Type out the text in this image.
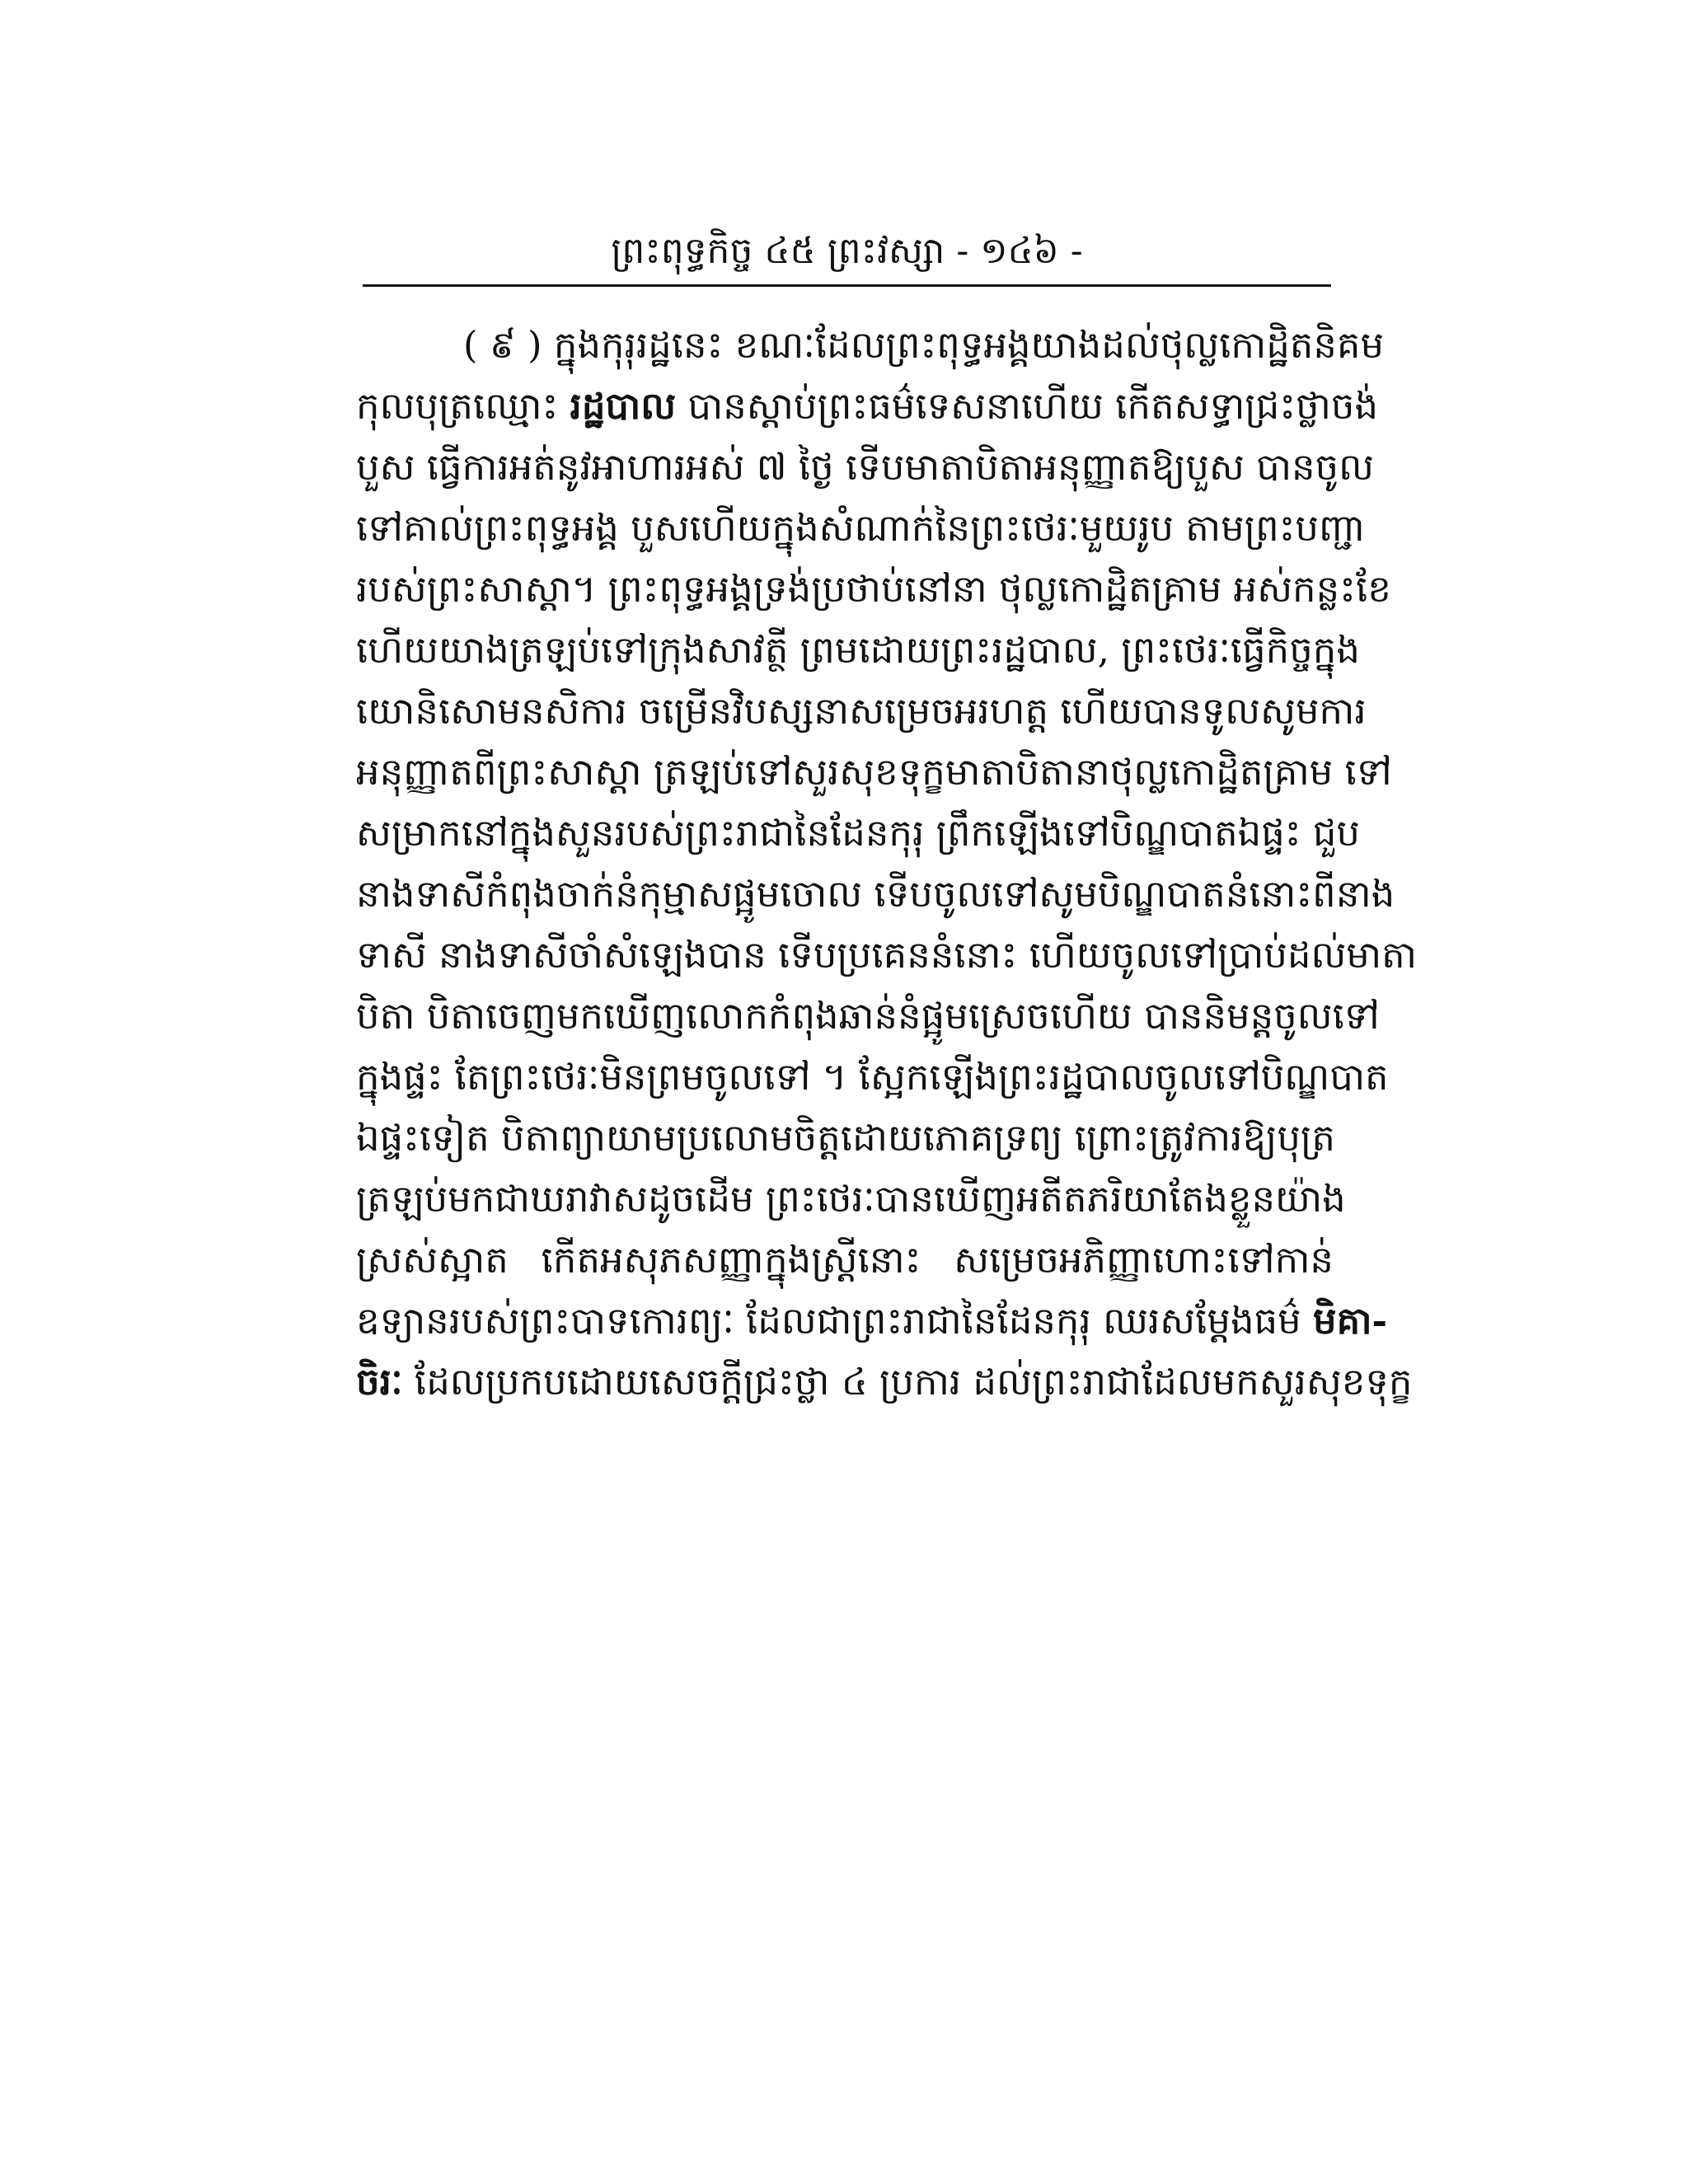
ព្រះពុទ្ធកិច្ច ៤៥ ព្រះវស្សា - ១៤៦ -
( ៩ ) ក្នុងកុរុរដ្ឋនេះ ខណៈដែលព្រះពុទ្ធអង្គយាងដល់ថុល្លកោដ្ឋិតនិគម
កុលបុត្រឈ្មោះ រដ្ឋបាល បានស្តាប់ព្រះធម៌ទេសនាហើយ កើតសទ្ធាជ្រះថ្លាចង់
បួស ធ្វើការអត់នូវអាហារអស់ ៧ ថ្ងៃ ទើបមាតាបិតាអនុញ្ញាតឱ្យបួស បានចូល
ទៅគាល់ព្រះពុទ្ធអង្គ បួសហើយក្នុងសំណាក់នៃព្រះថេរៈមួយរូប តាមព្រះបញ្ជា
របស់ព្រះសាស្តា។ ព្រះពុទ្ធអង្គទ្រង់ប្រថាប់នៅនា ថុល្លកោដ្ឋិតគ្រាម អស់កន្លះខែ
ហើយយាងត្រឡប់ទៅក្រុងសាវត្ថី ព្រមដោយព្រះរដ្ឋបាល, ព្រះថេរៈធ្វើកិច្ចក្នុង
យោនិសោមនសិការ ចម្រើនវិបស្សនាសម្រេចអរហត្ត ហើយបានទូលសូមការ
អនុញ្ញាតពីព្រះសាស្តា ត្រឡប់ទៅសួរសុខទុក្ខមាតាបិតានាថុល្លកោដ្ឋិតគ្រាម ទៅ
សម្រាកនៅក្នុងសួនរបស់ព្រះរាជានៃដែនកុរុ ព្រឹកឡើងទៅបិណ្ឌបាតឯផ្ទះ ជួប
នាងទាសីកំពុងចាក់នំកុម្មាសផ្អូមចោល ទើបចូលទៅសូមបិណ្ឌបាតនំនោះពីនាង
ទាសី នាងទាសីចាំសំឡេងបាន ទើបប្រគេននំនោះ ហើយចូលទៅប្រាប់ដល់មាតា
បិតា បិតាចេញមកឃើញលោកកំពុងឆាន់នំផ្អូមស្រេចហើយ បាននិមន្តចូលទៅ
ក្នុងផ្ទះ តែព្រះថេរៈមិនព្រមចូលទៅ ។ ស្អែកឡើងព្រះរដ្ឋបាលចូលទៅបិណ្ឌបាត
ឯផ្ទះទៀត បិតាព្យាយាមប្រលោមចិត្តដោយភោគទ្រព្យ ព្រោះត្រូវការឱ្យបុត្រ
ត្រឡប់មកជាឃរាវាសដូចដើម ព្រះថេរៈបានឃើញអតីតភរិយាតែងខ្លួនយ៉ាង
ស្រស់ស្អាត កើតអសុភសញ្ញាក្នុងស្រ្តីនោះ សម្រេចអភិញ្ញាហោះទៅកាន់
ឧទ្យានរបស់ព្រះបាទកោរព្យៈ ដែលជាព្រះរាជានៃដែនកុរុ ឈរសម្តែងធម៌ មិគា-
ចិរៈ ដែលប្រកបដោយសេចក្តីជ្រះថ្លា ៤ ប្រការ ដល់ព្រះរាជាដែលមកសួរសុខទុក្ខ
